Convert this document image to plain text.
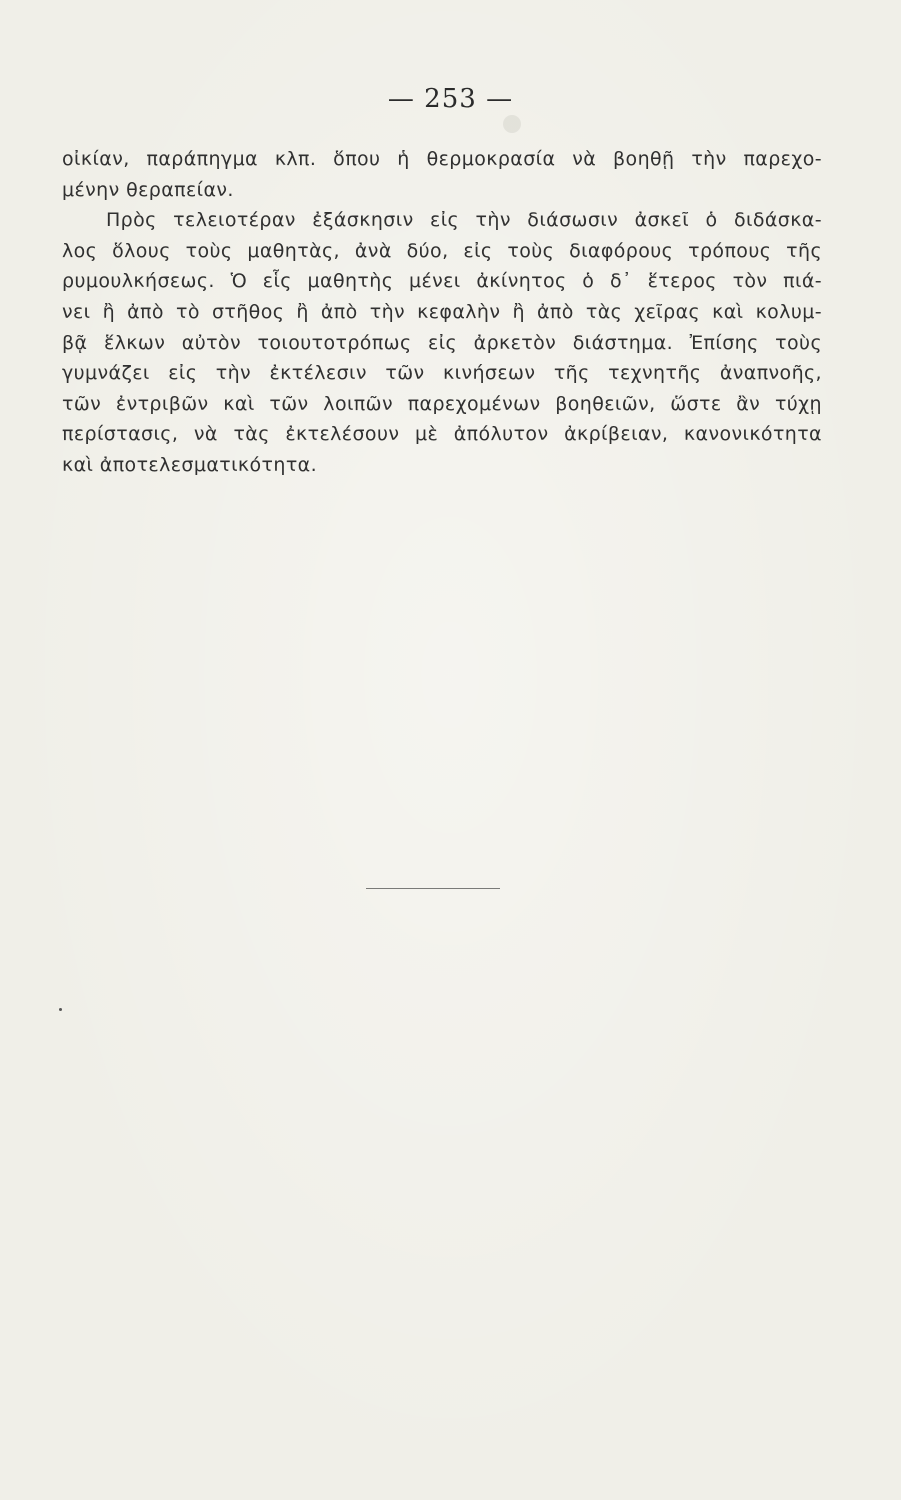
— 253 —
οἰκίαν, παράπηγμα κλπ. ὅπου ἡ θερμοκρασία νὰ βοηθῇ τὴν παρεχο-
μένην θεραπείαν.
Πρὸς τελειοτέραν ἐξάσκησιν εἰς τὴν διάσωσιν ἀσκεῖ ὁ διδάσκα-
λος ὅλους τοὺς μαθητὰς, ἀνὰ δύο, εἰς τοὺς διαφόρους τρόπους τῆς
ρυμουλκήσεως. Ὁ εἷς μαθητὴς μένει ἀκίνητος ὁ δ᾽ ἕτερος τὸν πιά-
νει ἢ ἀπὸ τὸ στῆθος ἢ ἀπὸ τὴν κεφαλὴν ἢ ἀπὸ τὰς χεῖρας καὶ κολυμ-
βᾷ ἕλκων αὐτὸν τοιουτοτρόπως εἰς ἀρκετὸν διάστημα. Ἐπίσης τοὺς
γυμνάζει εἰς τὴν ἐκτέλεσιν τῶν κινήσεων τῆς τεχνητῆς ἀναπνοῆς,
τῶν ἐντριβῶν καὶ τῶν λοιπῶν παρεχομένων βοηθειῶν, ὥστε ἂν τύχῃ
περίστασις, νὰ τὰς ἐκτελέσουν μὲ ἀπόλυτον ἀκρίβειαν, κανονικότητα
καὶ ἀποτελεσματικότητα.
